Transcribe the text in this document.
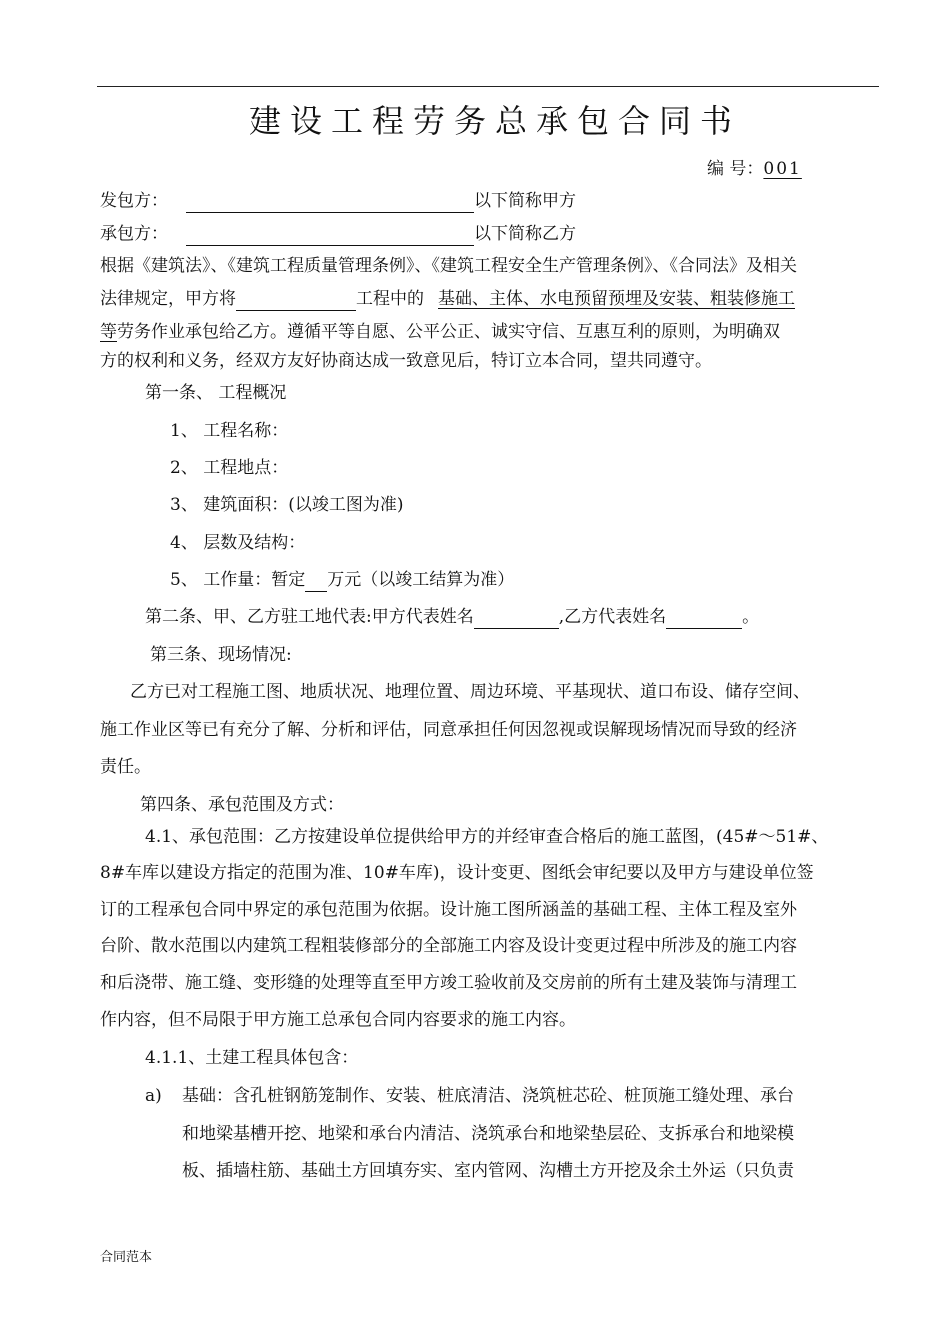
建设工程劳务总承包合同书
编 号：001
发包方：	以下简称甲方
承包方：	以下简称乙方
根据《建筑法》、《建筑工程质量管理条例》、《建筑工程安全生产管理条例》、《合同法》及相关
法律规定，甲方将	工程中的 基础、主体、水电预留预埋及安装、粗装修施工
等劳务作业承包给乙方。遵循平等自愿、公平公正、诚实守信、互惠互利的原则，为明确双
方的权利和义务，经双方友好协商达成一致意见后，特订立本合同，望共同遵守。
第一条、 工程概况
1、 工程名称：
2、 工程地点：
3、 建筑面积：(以竣工图为准)
4、 层数及结构：
5、 工作量：暂定 万元（以竣工结算为准）
第二条、甲、乙方驻工地代表:甲方代表姓名	,乙方代表姓名	。
第三条、现场情况:
乙方已对工程施工图、地质状况、地理位置、周边环境、平基现状、道口布设、储存空间、
施工作业区等已有充分了解、分析和评估，同意承担任何因忽视或误解现场情况而导致的经济
责任。
第四条、承包范围及方式：
4.1、承包范围：乙方按建设单位提供给甲方的并经审查合格后的施工蓝图，(45#～51#、
8#车库以建设方指定的范围为准、10#车库)，设计变更、图纸会审纪要以及甲方与建设单位签
订的工程承包合同中界定的承包范围为依据。设计施工图所涵盖的基础工程、主体工程及室外
台阶、散水范围以内建筑工程粗装修部分的全部施工内容及设计变更过程中所涉及的施工内容
和后浇带、施工缝、变形缝的处理等直至甲方竣工验收前及交房前的所有土建及装饰与清理工
作内容，但不局限于甲方施工总承包合同内容要求的施工内容。
4.1.1、土建工程具体包含：
a) 基础：含孔桩钢筋笼制作、安装、桩底清洁、浇筑桩芯砼、桩顶施工缝处理、承台
和地梁基槽开挖、地梁和承台内清洁、浇筑承台和地梁垫层砼、支拆承台和地梁模
板、插墙柱筋、基础土方回填夯实、室内管网、沟槽土方开挖及余土外运（只负责
合同范本
